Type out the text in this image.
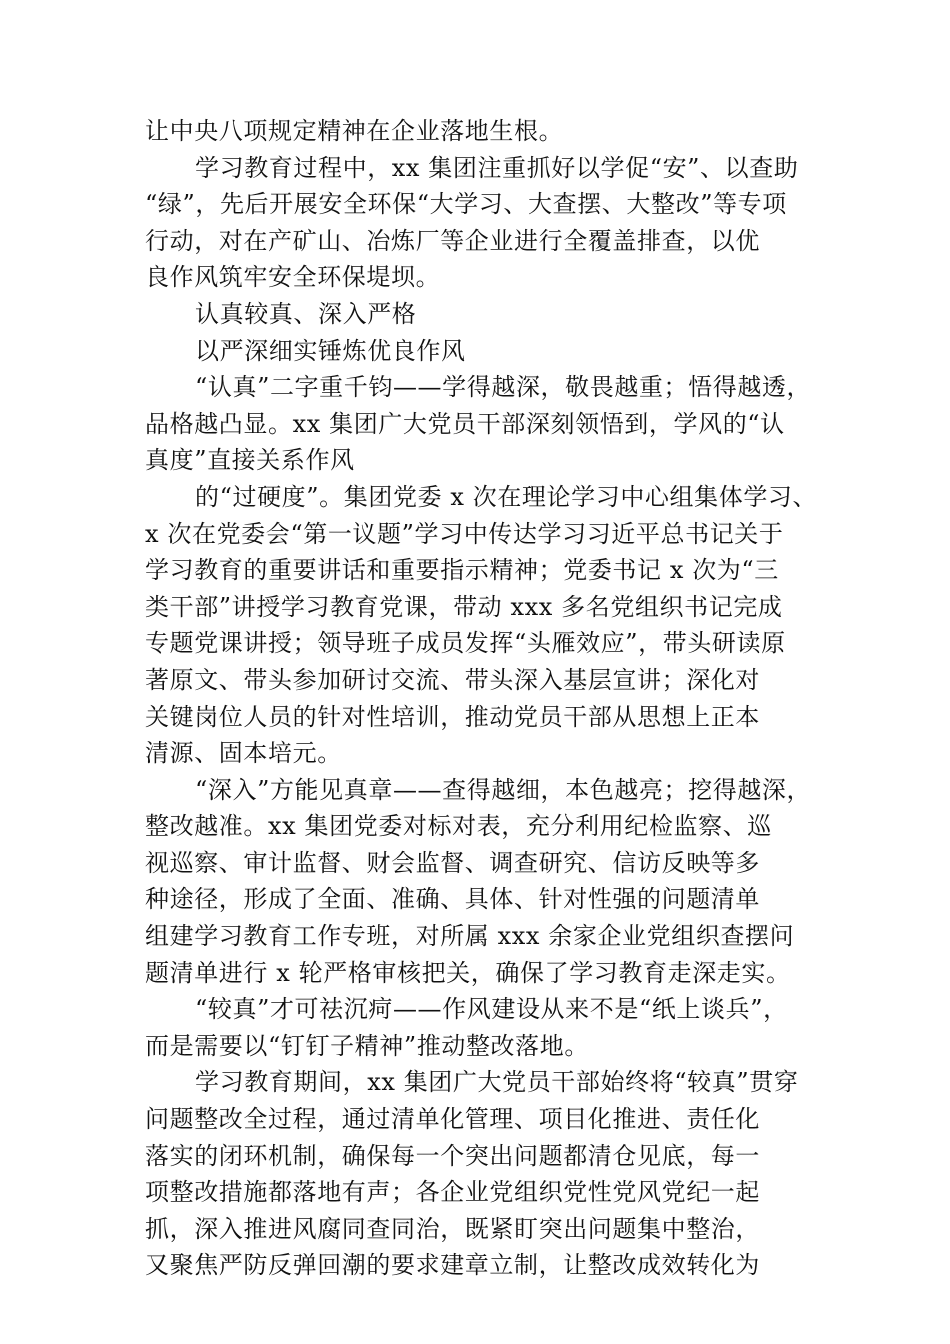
让中央八项规定精神在企业落地生根。
学习教育过程中，xx 集团注重抓好以学促“安”、以查助
“绿”，先后开展安全环保“大学习、大查摆、大整改”等专项
行动，对在产矿山、冶炼厂等企业进行全覆盖排查，以优
良作风筑牢安全环保堤坝。
认真较真、深入严格
以严深细实锤炼优良作风
“认真”二字重千钧——学得越深，敬畏越重；悟得越透，
品格越凸显。xx 集团广大党员干部深刻领悟到，学风的“认
真度”直接关系作风
的“过硬度”。集团党委 x 次在理论学习中心组集体学习、
x 次在党委会“第一议题”学习中传达学习习近平总书记关于
学习教育的重要讲话和重要指示精神；党委书记 x 次为“三
类干部”讲授学习教育党课，带动 xxx 多名党组织书记完成
专题党课讲授；领导班子成员发挥“头雁效应”，带头研读原
著原文、带头参加研讨交流、带头深入基层宣讲；深化对
关键岗位人员的针对性培训，推动党员干部从思想上正本
清源、固本培元。
“深入”方能见真章——查得越细，本色越亮；挖得越深，
整改越准。xx 集团党委对标对表，充分利用纪检监察、巡
视巡察、审计监督、财会监督、调查研究、信访反映等多
种途径，形成了全面、准确、具体、针对性强的问题清单
组建学习教育工作专班，对所属 xxx 余家企业党组织查摆问
题清单进行 x 轮严格审核把关，确保了学习教育走深走实。
“较真”才可祛沉疴——作风建设从来不是“纸上谈兵”，
而是需要以“钉钉子精神”推动整改落地。
学习教育期间，xx 集团广大党员干部始终将“较真”贯穿
问题整改全过程，通过清单化管理、项目化推进、责任化
落实的闭环机制，确保每一个突出问题都清仓见底，每一
项整改措施都落地有声；各企业党组织党性党风党纪一起
抓，深入推进风腐同查同治，既紧盯突出问题集中整治，
又聚焦严防反弹回潮的要求建章立制，让整改成效转化为
